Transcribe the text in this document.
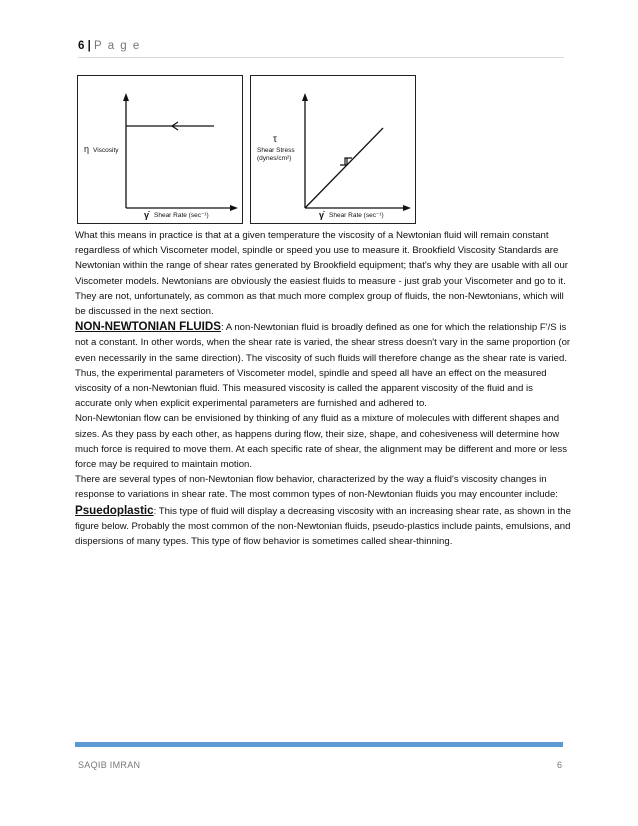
6 | P a g e
η Viscosity
γ̇ Shear Rate (sec⁻¹)
τ
Shear Stress
(dynes/cm²)
γ̇ Shear Rate (sec⁻¹)

What this means in practice is that at a given temperature the viscosity of a Newtonian fluid will remain constant regardless of which Viscometer model, spindle or speed you use to measure it. Brookfield Viscosity Standards are Newtonian within the range of shear rates generated by Brookfield equipment; that's why they are usable with all our Viscometer models. Newtonians are obviously the easiest fluids to measure - just grab your Viscometer and go to it. They are not, unfortunately, as common as that much more complex group of fluids, the non-Newtonians, which will be discussed in the next section.

NON-NEWTONIAN FLUIDS: A non-Newtonian fluid is broadly defined as one for which the relationship F'/S is not a constant. In other words, when the shear rate is varied, the shear stress doesn't vary in the same proportion (or even necessarily in the same direction). The viscosity of such fluids will therefore change as the shear rate is varied. Thus, the experimental parameters of Viscometer model, spindle and speed all have an effect on the measured viscosity of a non-Newtonian fluid. This measured viscosity is called the apparent viscosity of the fluid and is accurate only when explicit experimental parameters are furnished and adhered to.

Non-Newtonian flow can be envisioned by thinking of any fluid as a mixture of molecules with different shapes and sizes. As they pass by each other, as happens during flow, their size, shape, and cohesiveness will determine how much force is required to move them. At each specific rate of shear, the alignment may be different and more or less force may be required to maintain motion.

There are several types of non-Newtonian flow behavior, characterized by the way a fluid's viscosity changes in response to variations in shear rate. The most common types of non-Newtonian fluids you may encounter include:

Psuedoplastic: This type of fluid will display a decreasing viscosity with an increasing shear rate, as shown in the figure below. Probably the most common of the non-Newtonian fluids, pseudo-plastics include paints, emulsions, and dispersions of many types. This type of flow behavior is sometimes called shear-thinning.

SAQIB IMRAN	6
